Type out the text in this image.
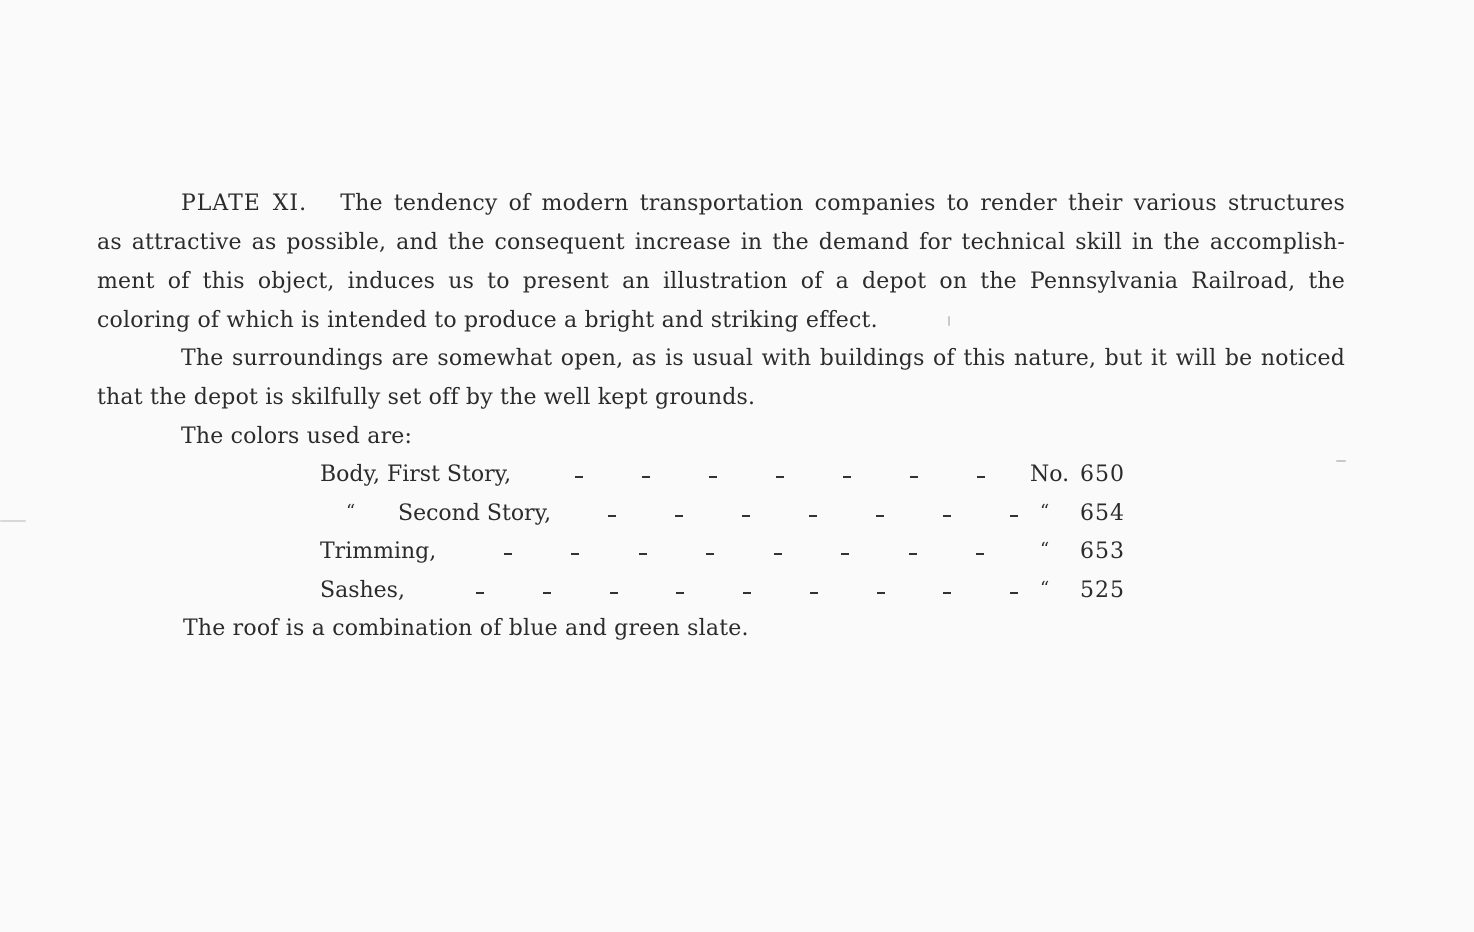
PLATE XI. The tendency of modern transportation companies to render their various structures
as attractive as possible, and the consequent increase in the demand for technical skill in the accomplish-
ment of this object, induces us to present an illustration of a depot on the Pennsylvania Railroad, the
coloring of which is intended to produce a bright and striking effect.
The surroundings are somewhat open, as is usual with buildings of this nature, but it will be noticed
that the depot is skilfully set off by the well kept grounds.
The colors used are:
Body, First Story,	No. 650
“ Second Story,	“ 654
Trimming,	“ 653
Sashes,	“ 525
The roof is a combination of blue and green slate.
